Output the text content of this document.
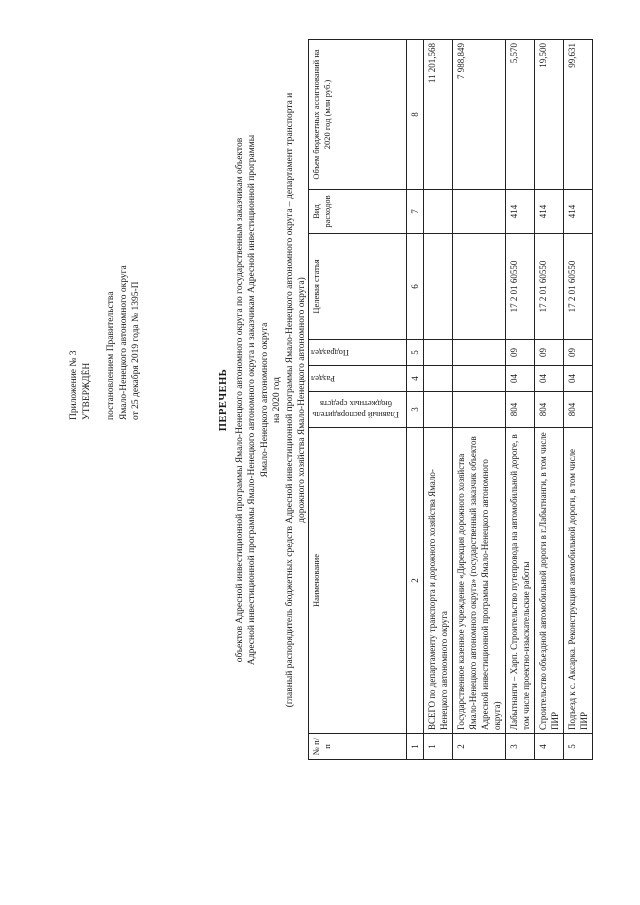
Приложение № 3 УТВЕРЖДЁН постановлением Правительства Ямало-Ненецкого автономного округа от 25 декабря 2019 года № 1395-П	ПЕРЕЧЕНЬ объектов Адресной инвестиционной программы Ямало-Ненецкого автономного округа по государственным заказчикам объектов Адресной инвестиционной программы Ямало-Ненецкого автономного округа и заказчикам Адресной инвестиционной программы Ямало-Ненецкого автономного округа на 2020 год (главный распорядитель бюджетных средств Адресной инвестиционной программы Ямало-Ненецкого автономного округа – департамент транспорта и дорожного хозяйства Ямало-Ненецкого автономного округа)
№ п/п	Наименование	Главный распорядитель бюджетных средств	Раздел	Подраздел	Целевая статья	Вид расходов	Объем бюджетных ассигнований на 2020 год (млн руб.)
1	2	3	4	5	6	7	8
1	ВСЕГО по департаменту транспорта и дорожного хозяйства Ямало-Ненецкого автономного округа						11 201,568
2	Государственное казенное учреждение «Дирекция дорожного хозяйства Ямало-Ненецкого автономного округа» (государственный заказчик объектов Адресной инвестиционной программы Ямало-Ненецкого автономного округа)						7 988,849
3	Лабытнанги – Харп. Строительство путепровода на автомобильной дороге, в том числе проектно-изыскательские работы	804	04	09	17 2 01 60550	414	5,570
4	Строительство объездной автомобильной дороги в г.Лабытнанги, в том числе ПИР	804	04	09	17 2 01 60550	414	19,500
5	Подъезд к с. Аксарка. Реконструкция автомобильной дороги, в том числе ПИР	804	04	09	17 2 01 60550	414	99,631
